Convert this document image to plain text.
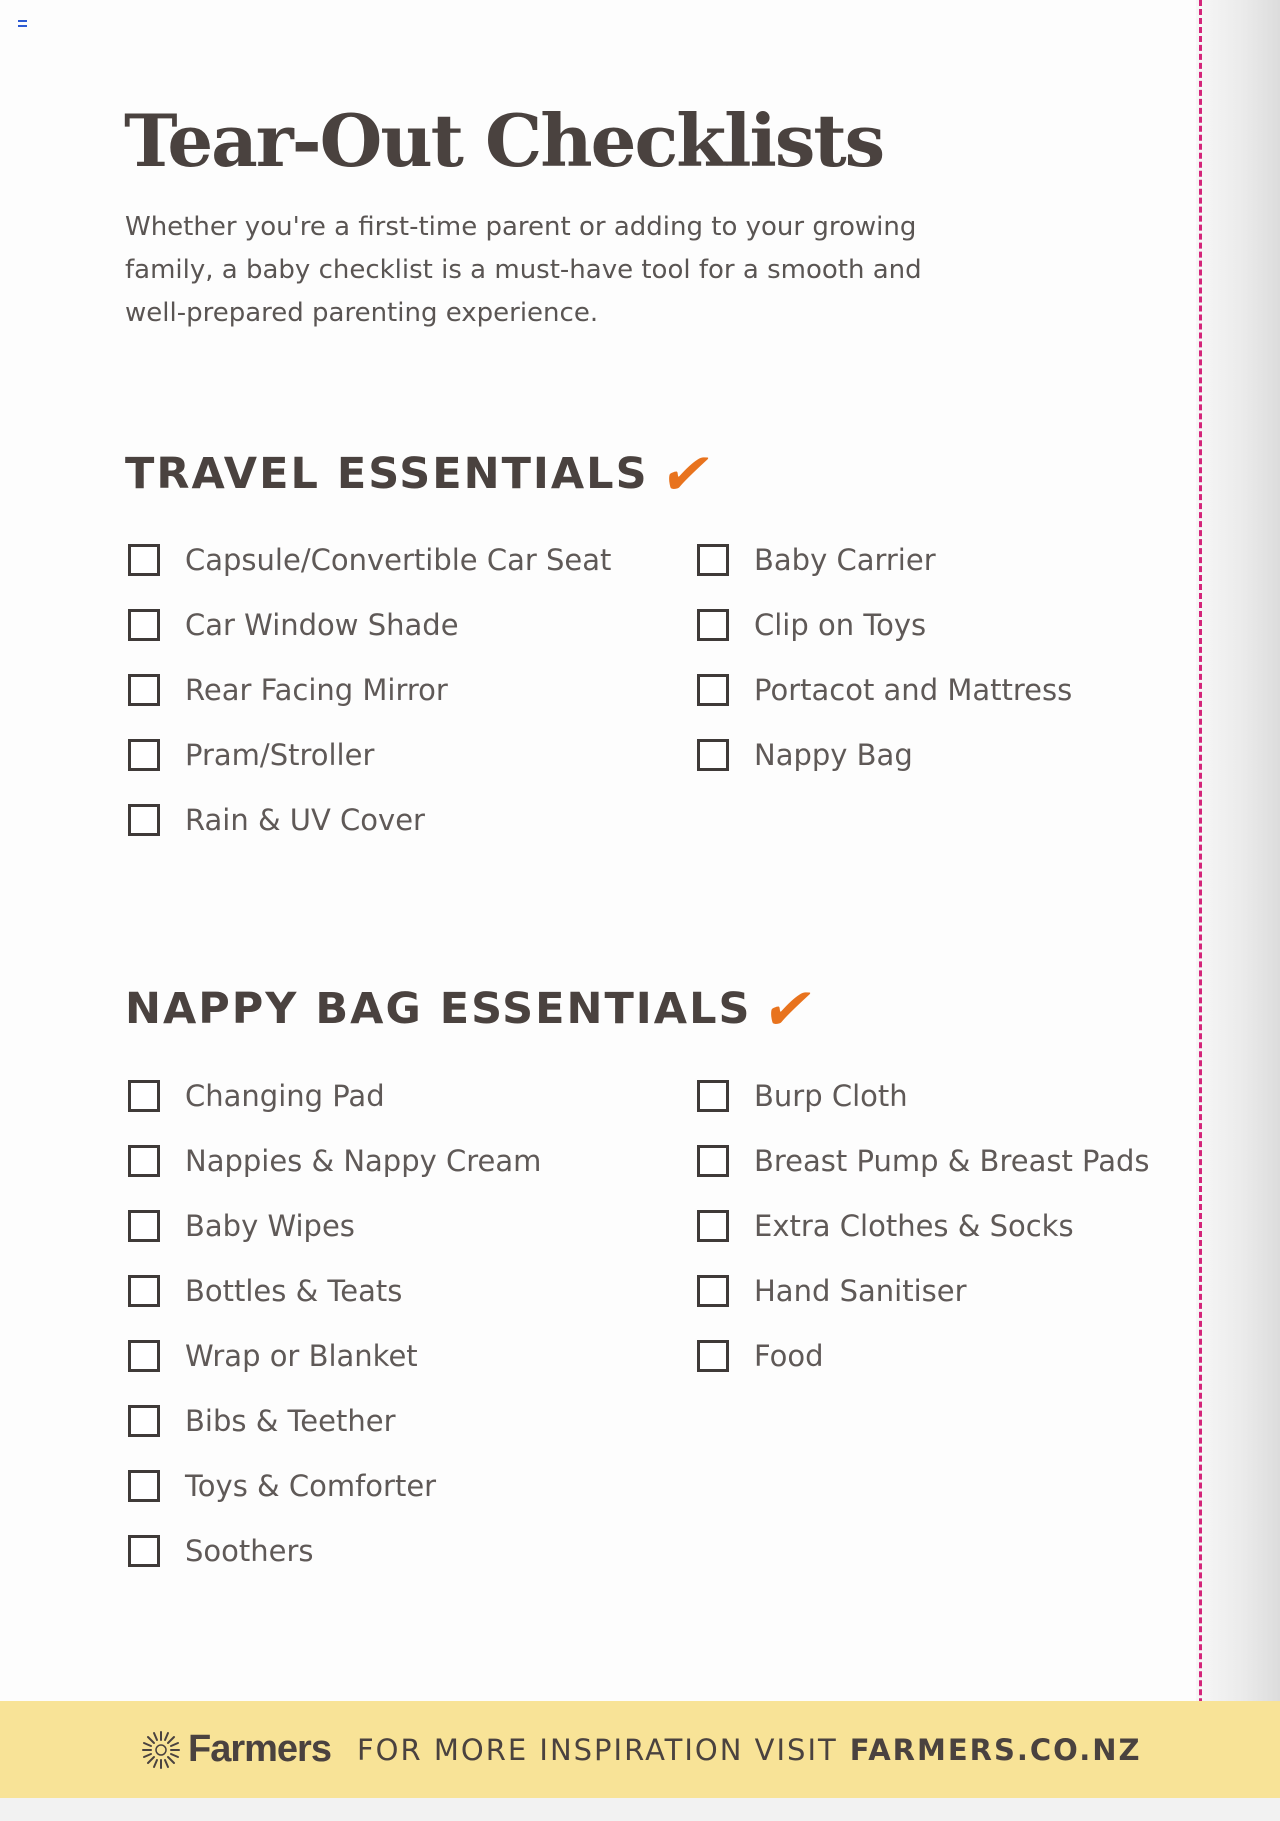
Tear-Out Checklists

Whether you're a first-time parent or adding to your growing family, a baby checklist is a must-have tool for a smooth and well-prepared parenting experience.

TRAVEL ESSENTIALS ✔
Capsule/Convertible Car Seat
Car Window Shade
Rear Facing Mirror
Pram/Stroller
Rain & UV Cover
Baby Carrier
Clip on Toys
Portacot and Mattress
Nappy Bag
NAPPY BAG ESSENTIALS ✔
Changing Pad
Nappies & Nappy Cream
Baby Wipes
Bottles & Teats
Wrap or Blanket
Bibs & Teether
Toys & Comforter
Soothers
Burp Cloth
Breast Pump & Breast Pads
Extra Clothes & Socks
Hand Sanitiser
Food
Farmers FOR MORE INSPIRATION VISIT FARMERS.CO.NZ
